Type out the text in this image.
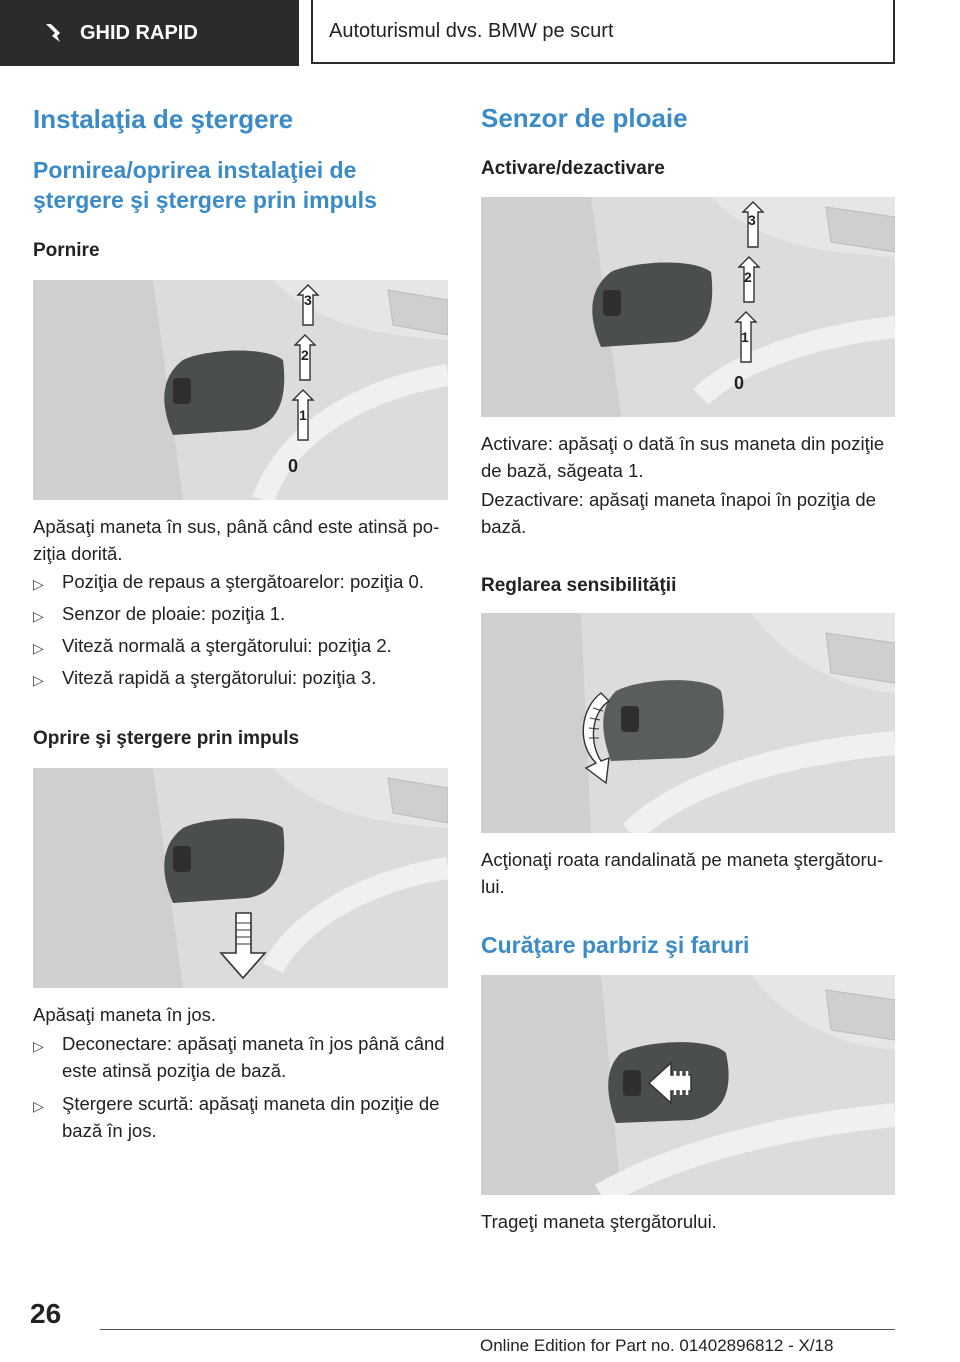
GHID RAPID	Autoturismul dvs. BMW pe scurt
Instalaţia de ştergere
Pornirea/oprirea instalaţiei de ştergere şi ştergere prin impuls
Pornire
3
2
1
0

Apăsaţi maneta în sus, până când este atinsă poziţia dorită.

▷ Poziţia de repaus a ştergătoarelor: poziţia 0.

▷ Senzor de ploaie: poziţia 1.

▷ Viteză normală a ştergătorului: poziţia 2.

▷ Viteză rapidă a ştergătorului: poziţia 3.

Oprire şi ştergere prin impuls

Apăsaţi maneta în jos.

▷ Deconectare: apăsaţi maneta în jos până când este atinsă poziţia de bază.

▷ Ştergere scurtă: apăsaţi maneta din poziţie de bază în jos.

Senzor de ploaie
Activare/dezactivare
3
2
1
0

Activare: apăsaţi o dată în sus maneta din poziţie de bază, săgeata 1.

Dezactivare: apăsaţi maneta înapoi în poziţia de bază.

Reglarea sensibilităţii

Acţionaţi roata randalinată pe maneta ştergătorului.

Curăţare parbriz şi faruri

Trageţi maneta ştergătorului.

26
Online Edition for Part no. 01402896812 - X/18
